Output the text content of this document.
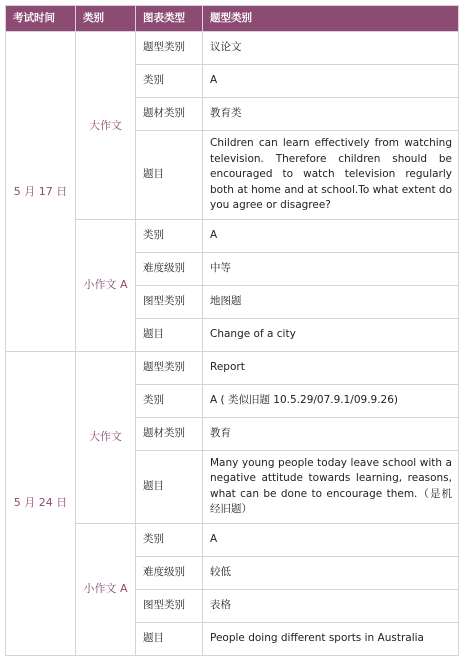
考试时间	类别	图表类型	题型类别
5 月 17 日	大作文	题型类别	议论文
		类别	A
		题材类别	教育类
		题目	Children can learn effectively from watching television. Therefore children should be encouraged to watch television regularly both at home and at school.To what extent do you agree or disagree?
	小作文 A	类别	A
		难度级别	中等
		图型类别	地图题
		题目	Change of a city
5 月 24 日	大作文	题型类别	Report
		类别	A ( 类似旧题 10.5.29/07.9.1/09.9.26)
		题材类别	教育
		题目	Many young people today leave school with a negative attitude towards learning, reasons, what can be done to encourage them.（是机经旧题）
	小作文 A	类别	A
		难度级别	较低
		图型类别	表格
		题目	People doing different sports in Australia
